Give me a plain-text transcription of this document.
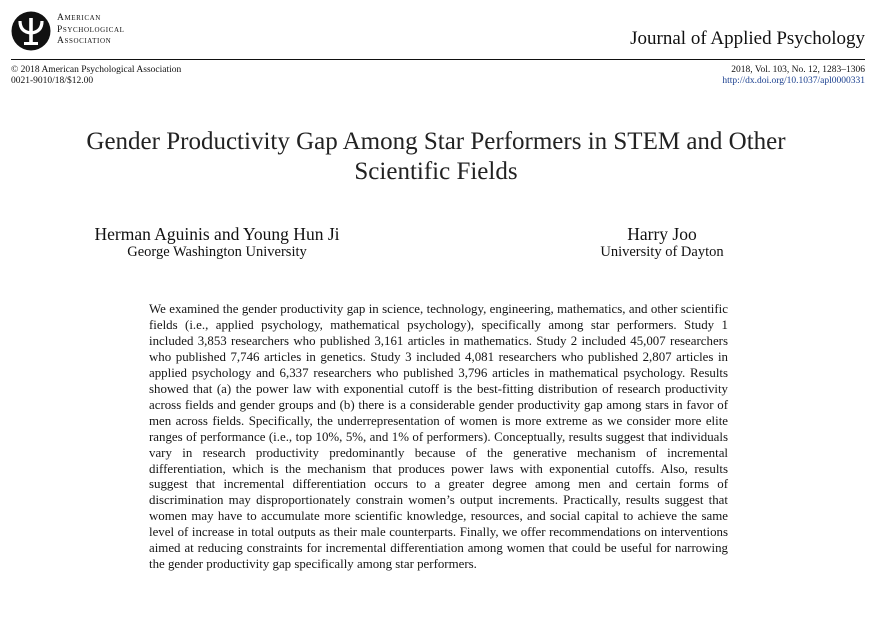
American
Psychological
Association	Journal of Applied Psychology
© 2018 American Psychological Association
0021-9010/18/$12.00
2018, Vol. 103, No. 12, 1283–1306
http://dx.doi.org/10.1037/apl0000331
Gender Productivity Gap Among Star Performers in STEM and Other
Scientific Fields
Herman Aguinis and Young Hun Ji
George Washington University
Harry Joo
University of Dayton
We examined the gender productivity gap in science, technology, engineering, mathematics, and other scientific fields (i.e., applied psychology, mathematical psychology), specifically among star performers. Study 1 included 3,853 researchers who published 3,161 articles in mathematics. Study 2 included 45,007 researchers who published 7,746 articles in genetics. Study 3 included 4,081 researchers who published 2,807 articles in applied psychology and 6,337 researchers who published 3,796 articles in mathematical psychology. Results showed that (a) the power law with exponential cutoff is the best-fitting distribution of research productivity across fields and gender groups and (b) there is a considerable gender productivity gap among stars in favor of men across fields. Specifically, the underrepresentation of women is more extreme as we consider more elite ranges of performance (i.e., top 10%, 5%, and 1% of performers). Conceptually, results suggest that individuals vary in research productivity predominantly because of the generative mechanism of incremental differentiation, which is the mechanism that produces power laws with exponential cutoffs. Also, results suggest that incremental differentiation occurs to a greater degree among men and certain forms of discrimination may disproportionately constrain women’s output increments. Practically, results suggest that women may have to accumulate more scientific knowledge, resources, and social capital to achieve the same level of increase in total outputs as their male counterparts. Finally, we offer recommendations on interventions aimed at reducing constraints for incremental differentiation among women that could be useful for narrowing the gender productivity gap specifically among star performers.
